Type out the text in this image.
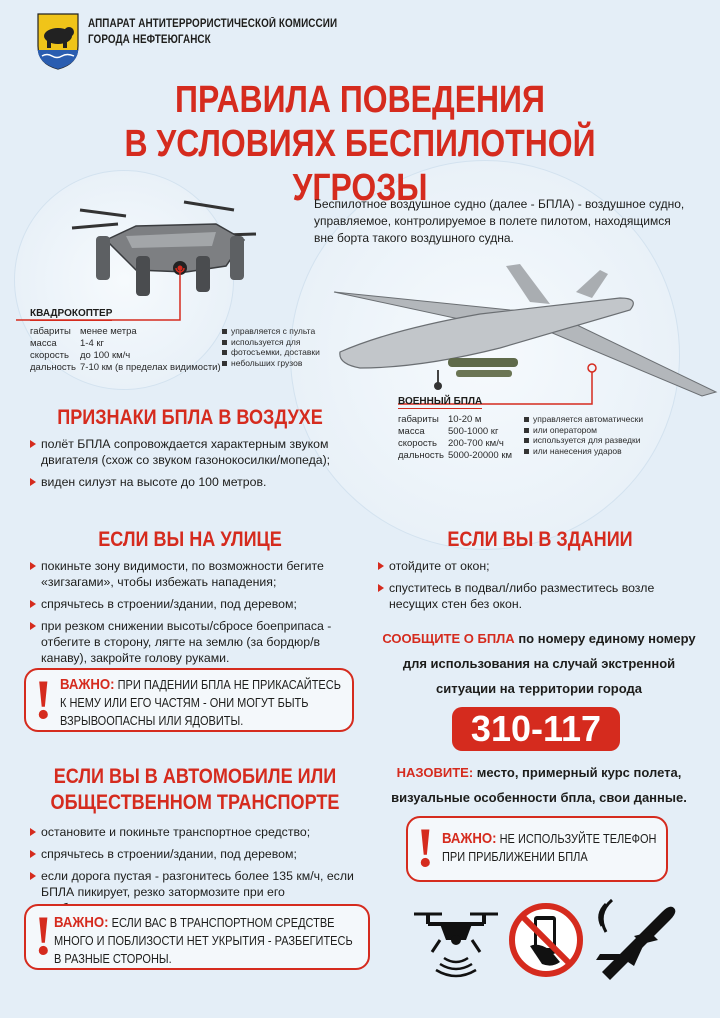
АППАРАТ АНТИТЕРРОРИСТИЧЕСКОЙ КОМИССИИ
ГОРОДА НЕФТЕЮГАНСК
ПРАВИЛА ПОВЕДЕНИЯ
В УСЛОВИЯХ БЕСПИЛОТНОЙ УГРОЗЫ
Беспилотное воздушное судно (далее - БПЛА) - воздушное судно,
управляемое, контролируемое в полете пилотом, находящимся
вне борта такого воздушного судна.
КВАДРОКОПТЕР
габариты менее метра
масса	1-4 кг
скорость	до 100 км/ч
дальность 7-10 км (в пределах видимости)
управляется с пульта
используется для
фотосъемки, доставки
небольших грузов
ВОЕННЫЙ БПЛА
габариты 10-20 м
масса	500-1000 кг
скорость	200-700 км/ч
дальность 5000-20000 км
управляется автоматически
или оператором
используется для разведки
или нанесения ударов
ПРИЗНАКИ БПЛА В ВОЗДУХЕ
полёт БПЛА сопровождается характерным звуком двигателя (схож со звуком газонокосилки/мопеда);
виден силуэт на высоте до 100 метров.
ЕСЛИ ВЫ НА УЛИЦЕ
покиньте зону видимости, по возможности бегите «зигзагами», чтобы избежать нападения;
спрячьтесь в строении/здании, под деревом;
при резком снижении высоты/сбросе боеприпаса - отбегите в сторону, лягте на землю (за бордюр/в канаву), закройте голову руками.
! ВАЖНО: ПРИ ПАДЕНИИ БПЛА НЕ ПРИКАСАЙТЕСЬ
К НЕМУ ИЛИ ЕГО ЧАСТЯМ - ОНИ МОГУТ БЫТЬ
ВЗРЫВООПАСНЫ ИЛИ ЯДОВИТЫ.
ЕСЛИ ВЫ В ЗДАНИИ
отойдите от окон;
спуститесь в подвал/либо разместитесь возле несущих стен без окон.
СООБЩИТЕ О БПЛА по номеру единому номеру
для использования на случай экстренной
ситуации на территории города
310-117
НАЗОВИТЕ: место, примерный курс полета,
визуальные особенности бпла, свои данные.
! ВАЖНО: НЕ ИСПОЛЬЗУЙТЕ ТЕЛЕФОН
ПРИ ПРИБЛИЖЕНИИ БПЛА
ЕСЛИ ВЫ В АВТОМОБИЛЕ ИЛИ
ОБЩЕСТВЕННОМ ТРАНСПОРТЕ
остановите и покиньте транспортное средство;
спрячьтесь в строении/здании, под деревом;
если дорога пустая - разгонитесь более 135 км/ч, если БПЛА пикирует, резко затормозите при его
! ВАЖНО: ЕСЛИ ВАС В ТРАНСПОРТНОМ СРЕДСТВЕ
МНОГО И ПОБЛИЗОСТИ НЕТ УКРЫТИЯ - РАЗБЕГИТЕСЬ
В РАЗНЫЕ СТОРОНЫ.
